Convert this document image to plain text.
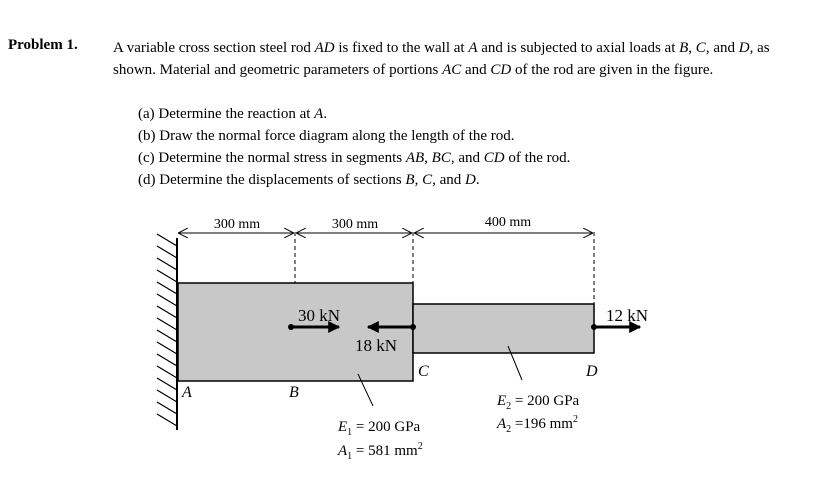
Problem 1. A variable cross section steel rod AD is fixed to the wall at A and is subjected to axial loads at B, C, and D, as shown. Material and geometric parameters of portions AC and CD of the rod are given in the figure.
(a) Determine the reaction at A.
(b) Draw the normal force diagram along the length of the rod.
(c) Determine the normal stress in segments AB, BC, and CD of the rod.
(d) Determine the displacements of sections B, C, and D.
300 mm	300 mm	400 mm
30 kN
18 kN
12 kN
A	B
C	D
$E_1 = 200$ GPa
$A_1 = 581$ $mm^2$
$E_2 = 200$ GPa
$A_2 =196$ $mm^2$
